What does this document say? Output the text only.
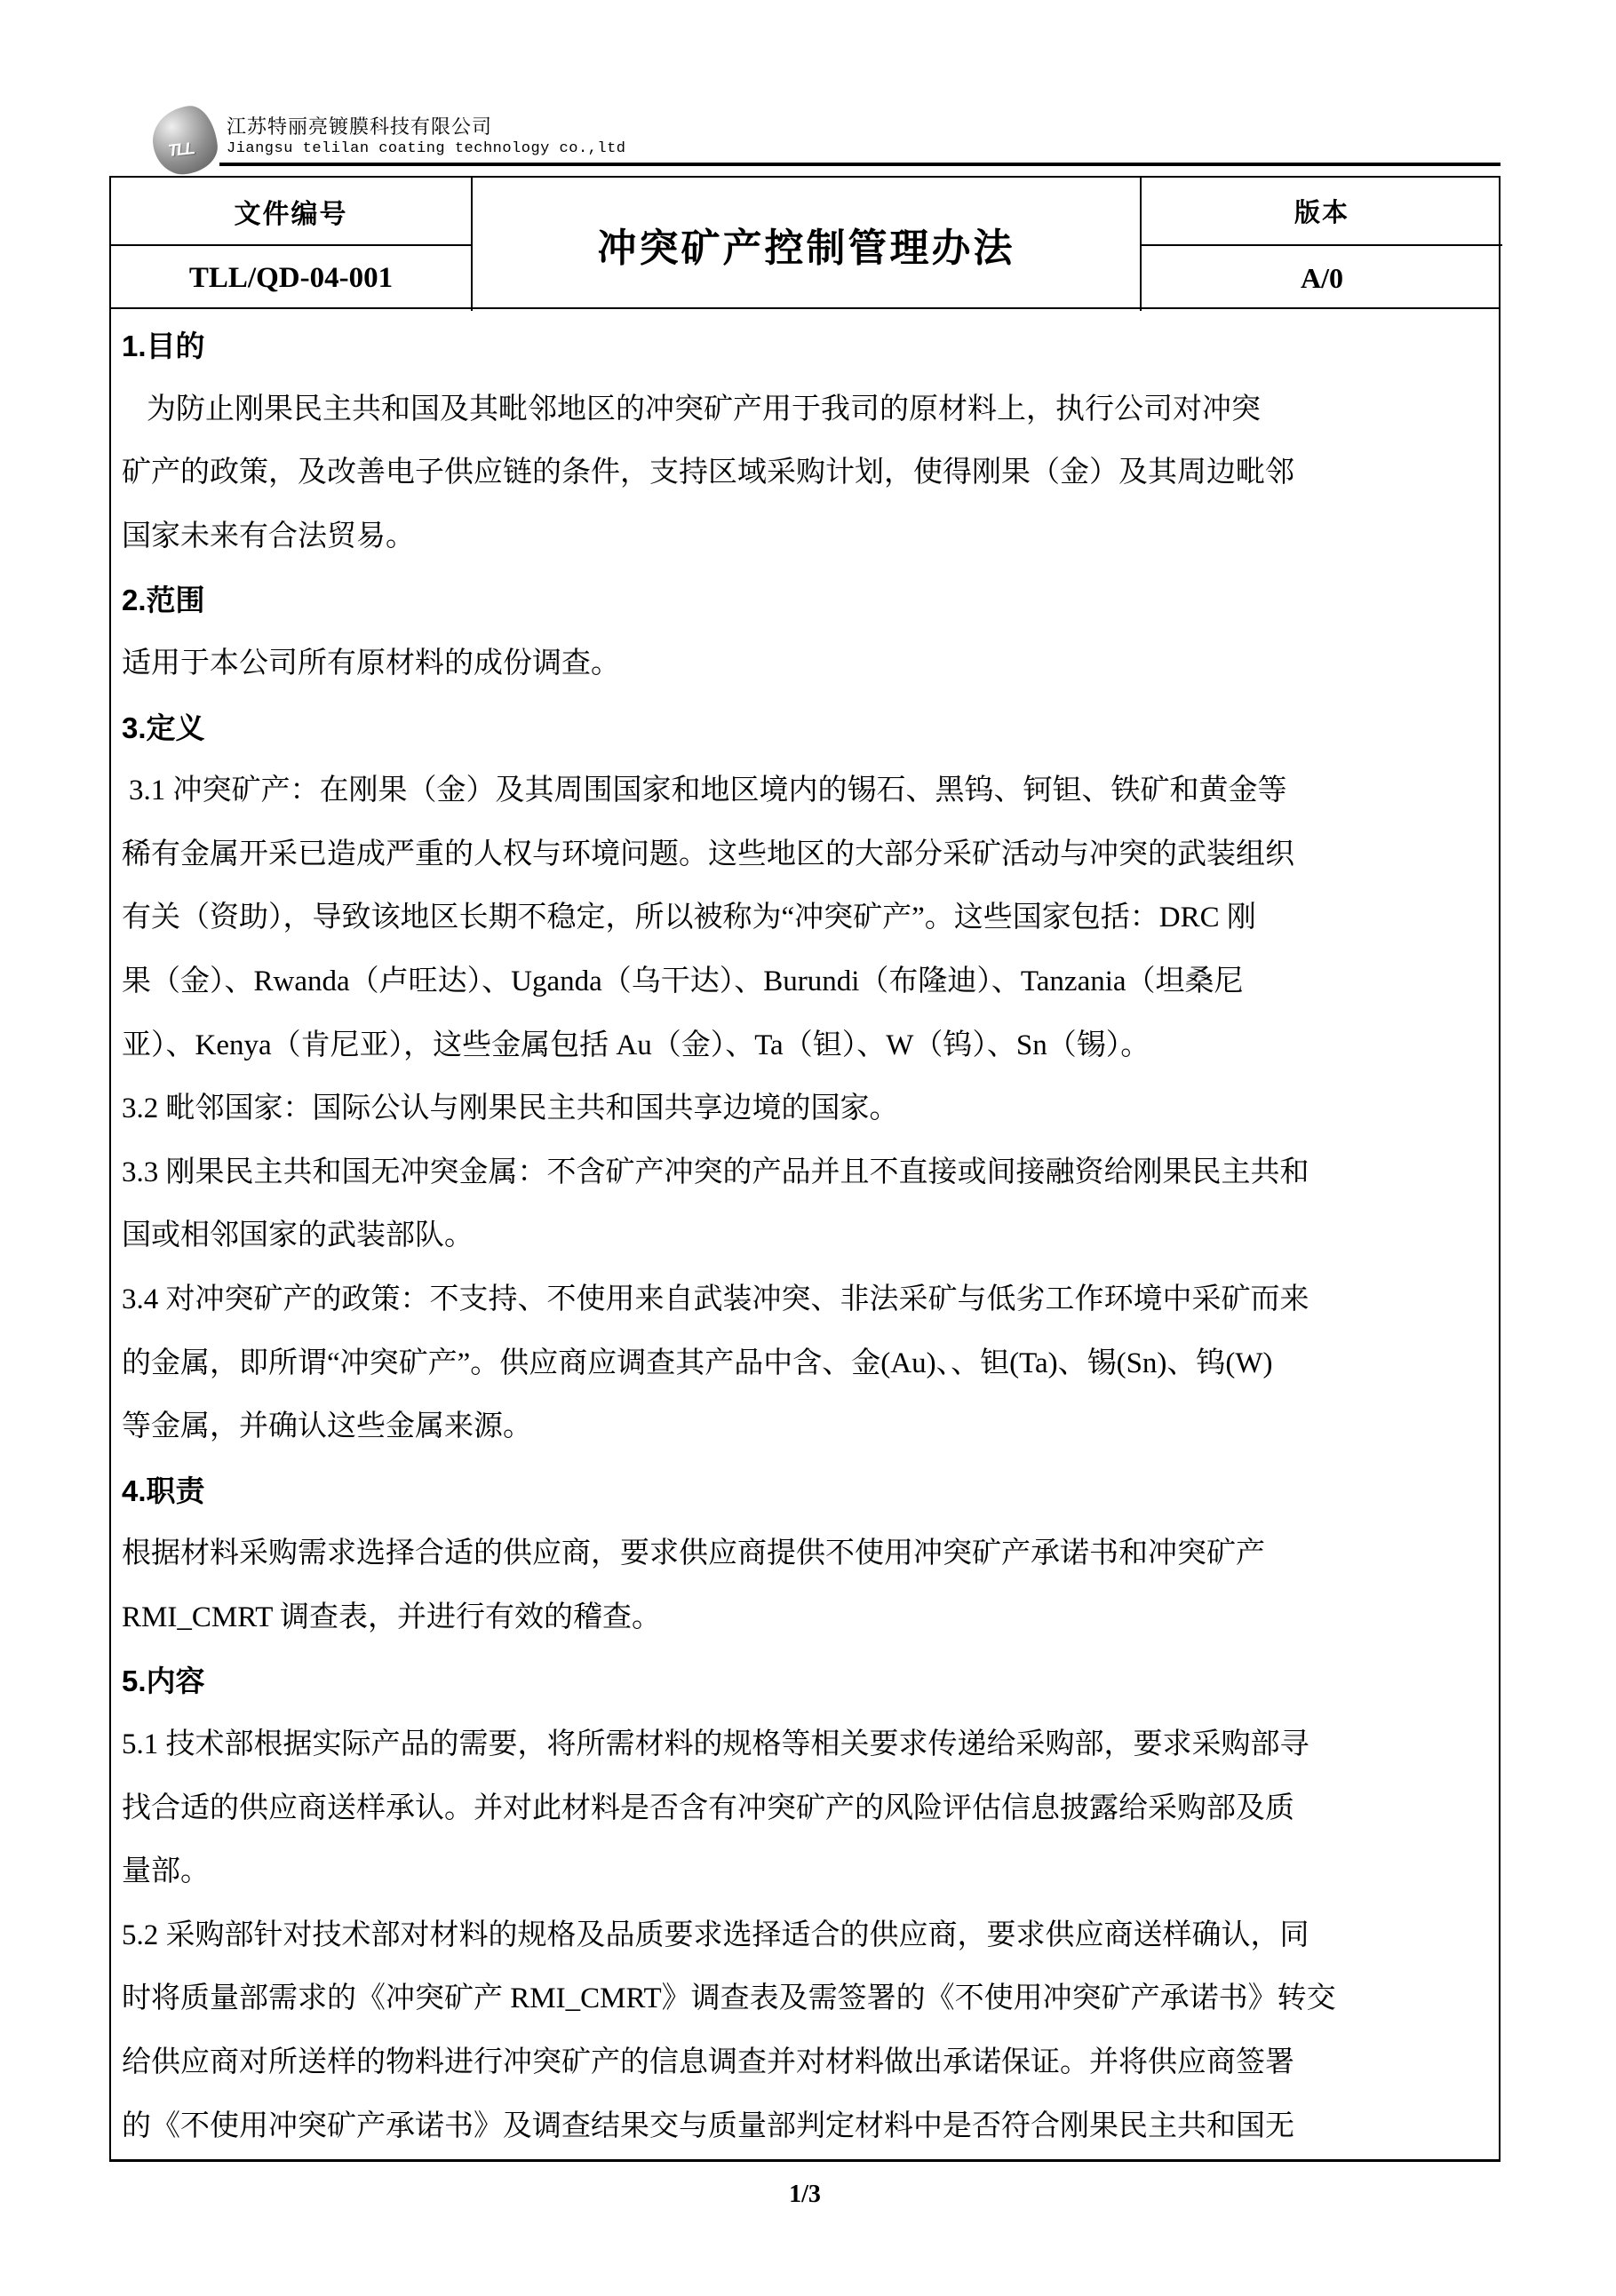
TLL
江苏特丽亮镀膜科技有限公司
Jiangsu telilan coating technology co.,ltd
文件编号
TLL/QD-04-001
冲突矿产控制管理办法
版本
A/0
1.目的
为防止刚果民主共和国及其毗邻地区的冲突矿产用于我司的原材料上，执行公司对冲突
矿产的政策，及改善电子供应链的条件，支持区域采购计划，使得刚果（金）及其周边毗邻
国家未来有合法贸易。
2.范围
适用于本公司所有原材料的成份调查。
3.定义
3.1 冲突矿产：在刚果（金）及其周围国家和地区境内的锡石、黑钨、钶钽、铁矿和黄金等
稀有金属开采已造成严重的人权与环境问题。这些地区的大部分采矿活动与冲突的武装组织
有关（资助），导致该地区长期不稳定，所以被称为“冲突矿产”。这些国家包括：DRC 刚
果（金）、Rwanda（卢旺达）、Uganda（乌干达）、Burundi（布隆迪）、Tanzania（坦桑尼
亚）、Kenya（肯尼亚），这些金属包括 Au（金）、Ta（钽）、W（钨）、Sn（锡）。
3.2 毗邻国家：国际公认与刚果民主共和国共享边境的国家。
3.3 刚果民主共和国无冲突金属：不含矿产冲突的产品并且不直接或间接融资给刚果民主共和
国或相邻国家的武装部队。
3.4 对冲突矿产的政策：不支持、不使用来自武装冲突、非法采矿与低劣工作环境中采矿而来
的金属，即所谓“冲突矿产”。供应商应调查其产品中含、金(Au)、、钽(Ta)、锡(Sn)、钨(W)
等金属，并确认这些金属来源。
4.职责
根据材料采购需求选择合适的供应商，要求供应商提供不使用冲突矿产承诺书和冲突矿产
RMI_CMRT 调查表，并进行有效的稽查。
5.内容
5.1 技术部根据实际产品的需要，将所需材料的规格等相关要求传递给采购部，要求采购部寻
找合适的供应商送样承认。并对此材料是否含有冲突矿产的风险评估信息披露给采购部及质
量部。
5.2 采购部针对技术部对材料的规格及品质要求选择适合的供应商，要求供应商送样确认，同
时将质量部需求的《冲突矿产 RMI_CMRT》调查表及需签署的《不使用冲突矿产承诺书》转交
给供应商对所送样的物料进行冲突矿产的信息调查并对材料做出承诺保证。并将供应商签署
的《不使用冲突矿产承诺书》及调查结果交与质量部判定材料中是否符合刚果民主共和国无
1/3
